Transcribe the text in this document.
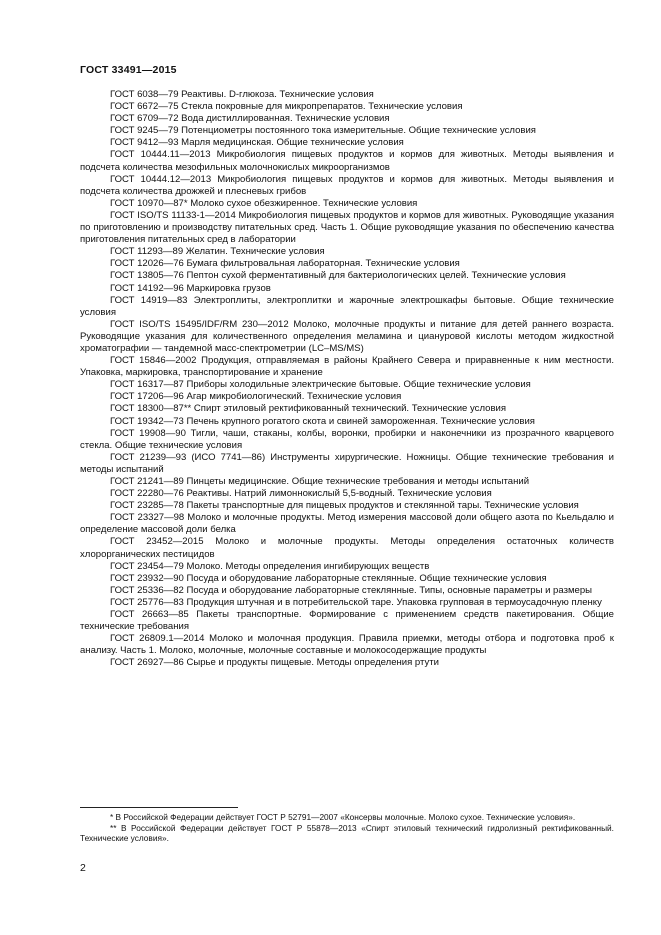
ГОСТ 33491—2015
ГОСТ 6038—79 Реактивы. D-глюкоза. Технические условия
ГОСТ 6672—75 Стекла покровные для микропрепаратов. Технические условия
ГОСТ 6709—72 Вода дистиллированная. Технические условия
ГОСТ 9245—79 Потенциометры постоянного тока измерительные. Общие технические условия
ГОСТ 9412—93 Марля медицинская. Общие технические условия
ГОСТ 10444.11—2013 Микробиология пищевых продуктов и кормов для животных. Методы выявления и подсчета количества мезофильных молочнокислых микроорганизмов
ГОСТ 10444.12—2013 Микробиология пищевых продуктов и кормов для животных. Методы выявления и подсчета количества дрожжей и плесневых грибов
ГОСТ 10970—87* Молоко сухое обезжиренное. Технические условия
ГОСТ ISO/TS 11133-1—2014 Микробиология пищевых продуктов и кормов для животных. Руководящие указания по приготовлению и производству питательных сред. Часть 1. Общие руководящие указания по обеспечению качества приготовления питательных сред в лаборатории
ГОСТ 11293—89 Желатин. Технические условия
ГОСТ 12026—76 Бумага фильтровальная лабораторная. Технические условия
ГОСТ 13805—76 Пептон сухой ферментативный для бактериологических целей. Технические условия
ГОСТ 14192—96 Маркировка грузов
ГОСТ 14919—83 Электроплиты, электроплитки и жарочные электрошкафы бытовые. Общие технические условия
ГОСТ ISO/TS 15495/IDF/RM 230—2012 Молоко, молочные продукты и питание для детей раннего возраста. Руководящие указания для количественного определения меламина и циануровой кислоты методом жидкостной хроматографии — тандемной масс-спектрометрии (LC–MS/MS)
ГОСТ 15846—2002 Продукция, отправляемая в районы Крайнего Севера и приравненные к ним местности. Упаковка, маркировка, транспортирование и хранение
ГОСТ 16317—87 Приборы холодильные электрические бытовые. Общие технические условия
ГОСТ 17206—96 Агар микробиологический. Технические условия
ГОСТ 18300—87** Спирт этиловый ректификованный технический. Технические условия
ГОСТ 19342—73 Печень крупного рогатого скота и свиней замороженная. Технические условия
ГОСТ 19908—90 Тигли, чаши, стаканы, колбы, воронки, пробирки и наконечники из прозрачного кварцевого стекла. Общие технические условия
ГОСТ 21239—93 (ИСО 7741—86) Инструменты хирургические. Ножницы. Общие технические требования и методы испытаний
ГОСТ 21241—89 Пинцеты медицинские. Общие технические требования и методы испытаний
ГОСТ 22280—76 Реактивы. Натрий лимоннокислый 5,5-водный. Технические условия
ГОСТ 23285—78 Пакеты транспортные для пищевых продуктов и стеклянной тары. Технические условия
ГОСТ 23327—98 Молоко и молочные продукты. Метод измерения массовой доли общего азота по Кьельдалю и определение массовой доли белка
ГОСТ 23452—2015 Молоко и молочные продукты. Методы определения остаточных количеств хлорорганических пестицидов
ГОСТ 23454—79 Молоко. Методы определения ингибирующих веществ
ГОСТ 23932—90 Посуда и оборудование лабораторные стеклянные. Общие технические условия
ГОСТ 25336—82 Посуда и оборудование лабораторные стеклянные. Типы, основные параметры и размеры
ГОСТ 25776—83 Продукция штучная и в потребительской таре. Упаковка групповая в термоусадочную пленку
ГОСТ 26663—85 Пакеты транспортные. Формирование с применением средств пакетирования. Общие технические требования
ГОСТ 26809.1—2014 Молоко и молочная продукция. Правила приемки, методы отбора и подготовка проб к анализу. Часть 1. Молоко, молочные, молочные составные и молокосодержащие продукты
ГОСТ 26927—86 Сырье и продукты пищевые. Методы определения ртути
* В Российской Федерации действует ГОСТ Р 52791—2007 «Консервы молочные. Молоко сухое. Технические условия».
** В Российской Федерации действует ГОСТ Р 55878—2013 «Спирт этиловый технический гидролизный ректификованный. Технические условия».
2
